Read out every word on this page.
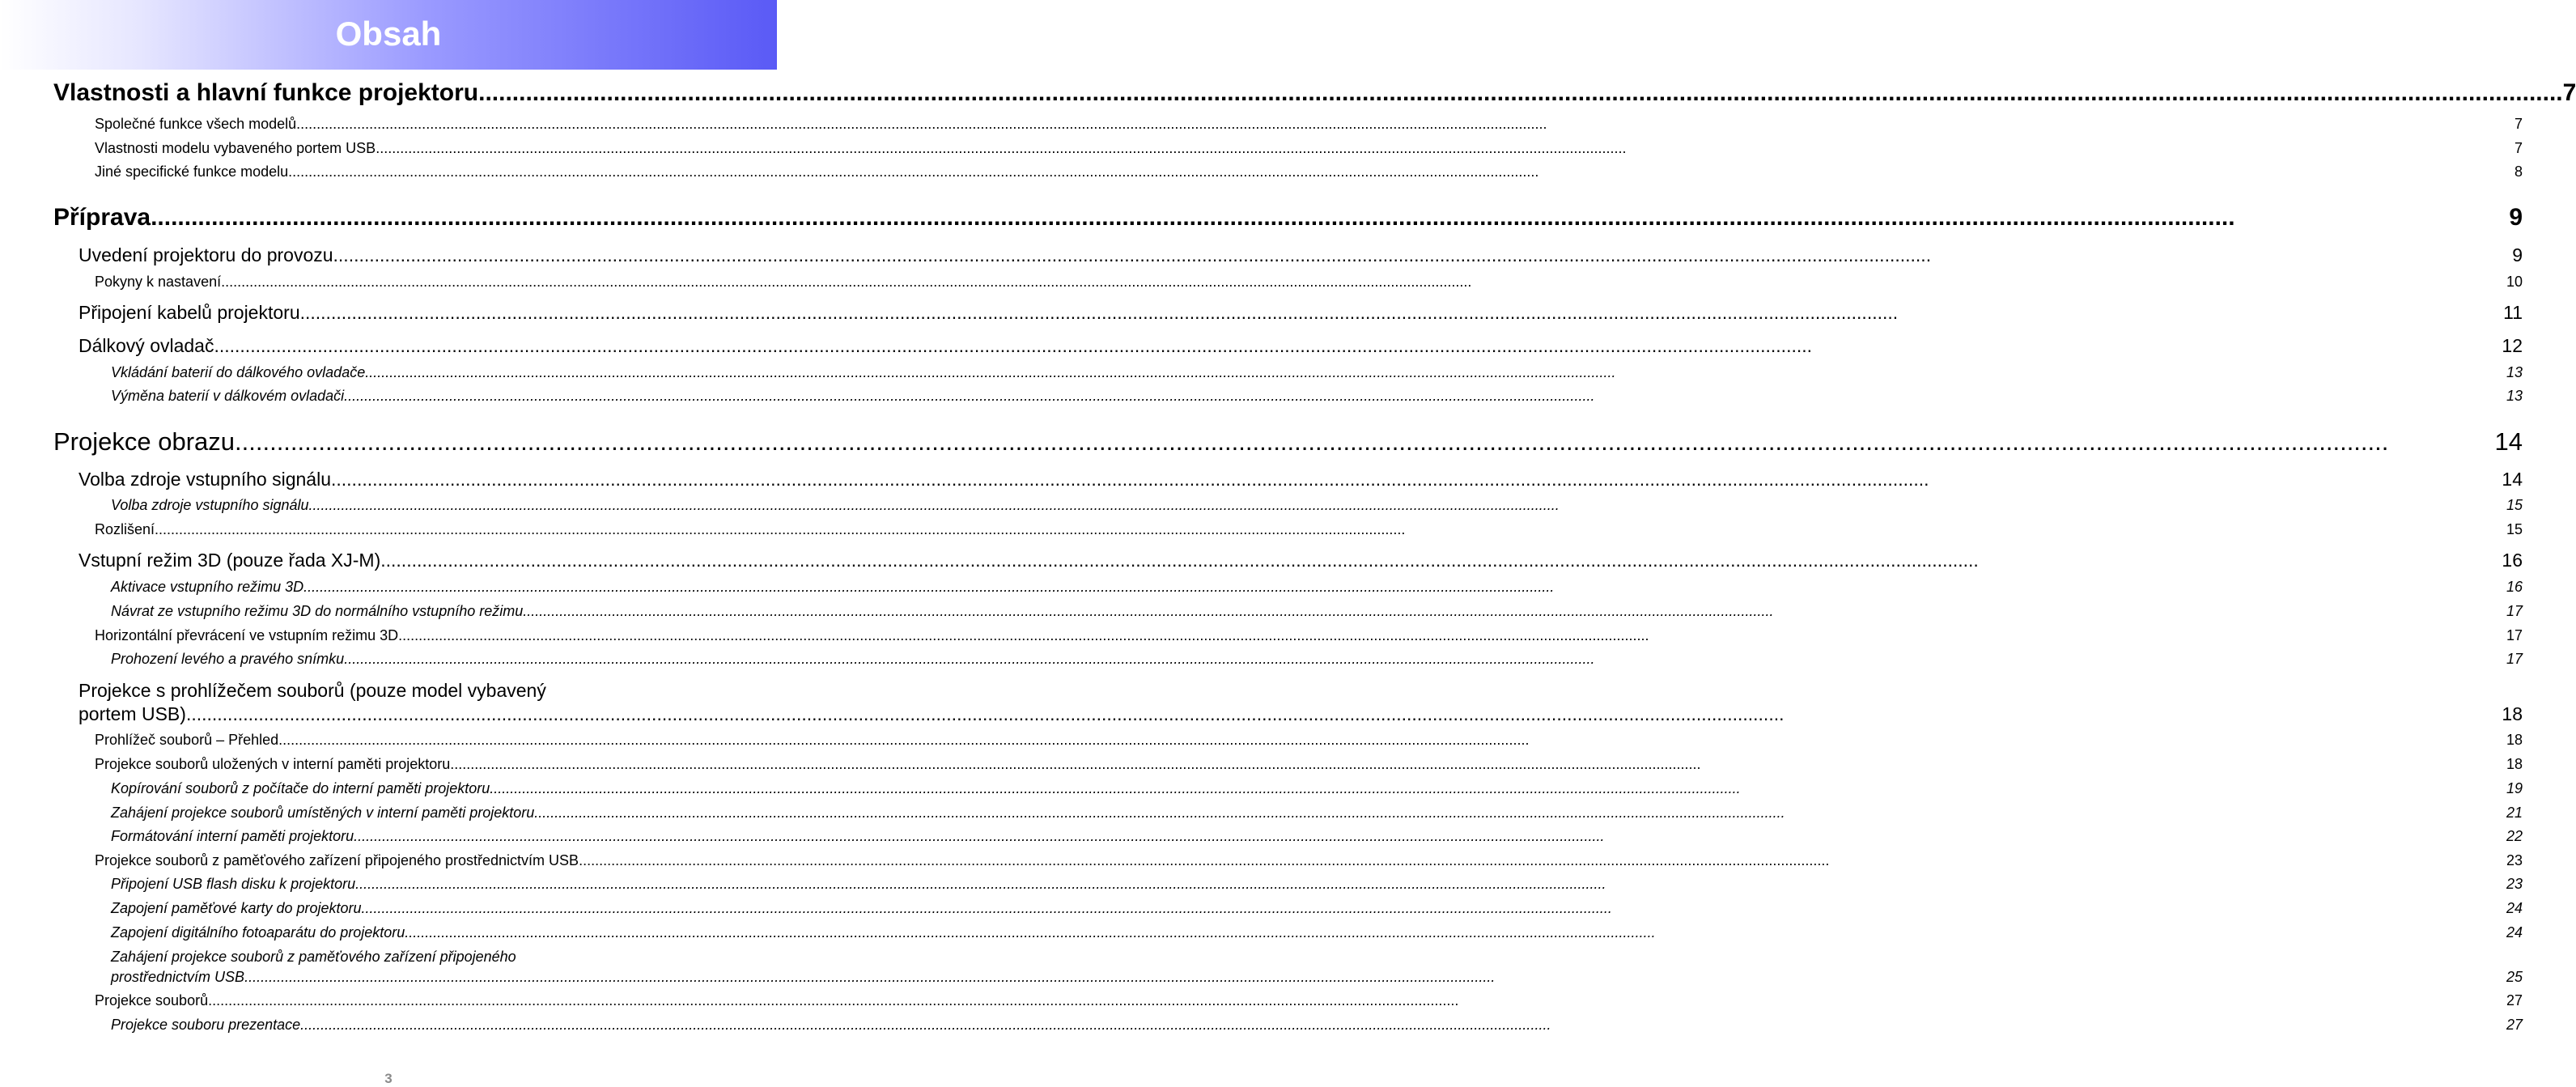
Obsah
Vlastnosti a hlavní funkce projektoru .....	7
Společné funkce všech modelů .....	7
Vlastnosti modelu vybaveného portem USB .....	7
Jiné specifické funkce modelu .....	8
Příprava .....	9
Uvedení projektoru do provozu .....	9
Pokyny k nastavení .....	10
Připojení kabelů projektoru .....	11
Dálkový ovladač .....	12
Vkládání baterií do dálkového ovladače .....	13
Výměna baterií v dálkovém ovladači .....	13
Projekce obrazu .....	14
Volba zdroje vstupního signálu .....	14
Volba zdroje vstupního signálu .....	15
Rozlišení .....	15
Vstupní režim 3D (pouze řada XJ-M) .....	16
Aktivace vstupního režimu 3D .....	16
Návrat ze vstupního režimu 3D do normálního vstupního režimu .....	17
Horizontální převrácení ve vstupním režimu 3D .....	17
Prohození levého a pravého snímku .....	17
Projekce s prohlížečem souborů (pouze model vybavený
portem USB) .....	18
Prohlížeč souborů – Přehled .....	18
Projekce souborů uložených v interní paměti projektoru .....	18
Kopírování souborů z počítače do interní paměti projektoru .....	19
Zahájení projekce souborů umístěných v interní paměti projektoru .....	21
Formátování interní paměti projektoru .....	22
Projekce souborů z paměťového zařízení připojeného prostřednictvím USB .....	23
Připojení USB flash disku k projektoru .....	23
Zapojení paměťové karty do projektoru .....	24
Zapojení digitálního fotoaparátu do projektoru .....	24
Zahájení projekce souborů z paměťového zařízení připojeného
prostřednictvím USB .....	25
Projekce souborů .....	27
Projekce souboru prezentace .....	27
3
